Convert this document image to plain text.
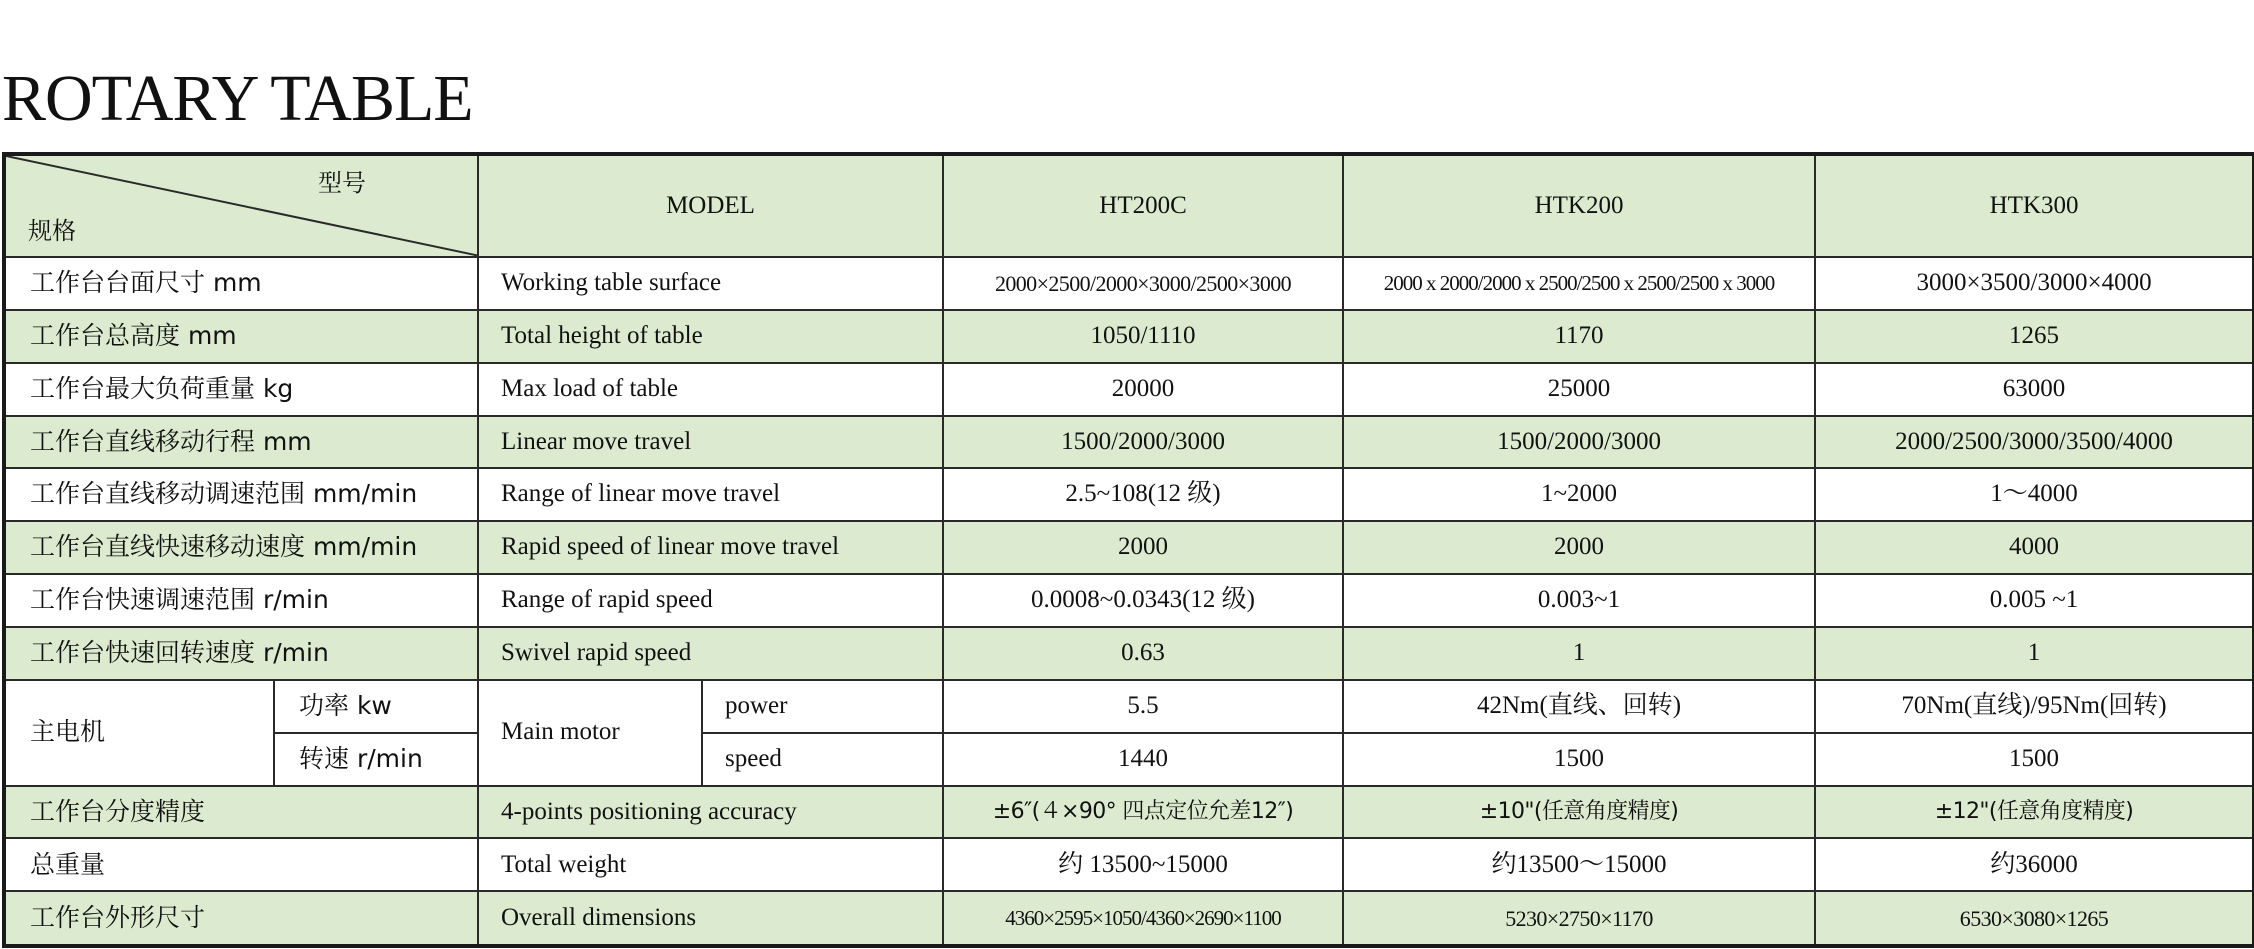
ROTARY TABLE
型号
规格		MODEL		HT200C	HTK200	HTK300
工作台台面尺寸 mm		Working table surface		2000×2500/2000×3000/2500×3000	2000 x 2000/2000 x 2500/2500 x 2500/2500 x 3000	3000×3500/3000×4000
工作台总高度 mm		Total height of table		1050/1110	1170	1265
工作台最大负荷重量 kg		Max load of table		20000	25000	63000
工作台直线移动行程 mm		Linear move travel		1500/2000/3000	1500/2000/3000	2000/2500/3000/3500/4000
工作台直线移动调速范围 mm/min		Range of linear move travel		2.5~108(12 级)	1~2000	1～4000
工作台直线快速移动速度 mm/min		Rapid speed of linear move travel		2000	2000	4000
工作台快速调速范围 r/min		Range of rapid speed		0.0008~0.0343(12 级)	0.003~1	0.005 ~1
工作台快速回转速度 r/min		Swivel rapid speed		0.63	1	1
主电机	功率 kw	Main motor	power	5.5	42Nm(直线、回转)	70Nm(直线)/95Nm(回转)
	转速 r/min		speed	1440	1500	1500
工作台分度精度		4-points positioning accuracy		±6″(４×90° 四点定位允差12″)	±10"(任意角度精度)	±12"(任意角度精度)
总重量		Total weight		约 13500~15000	约13500～15000	约36000
工作台外形尺寸		Overall dimensions		4360×2595×1050/4360×2690×1100	5230×2750×1170	6530×3080×1265
